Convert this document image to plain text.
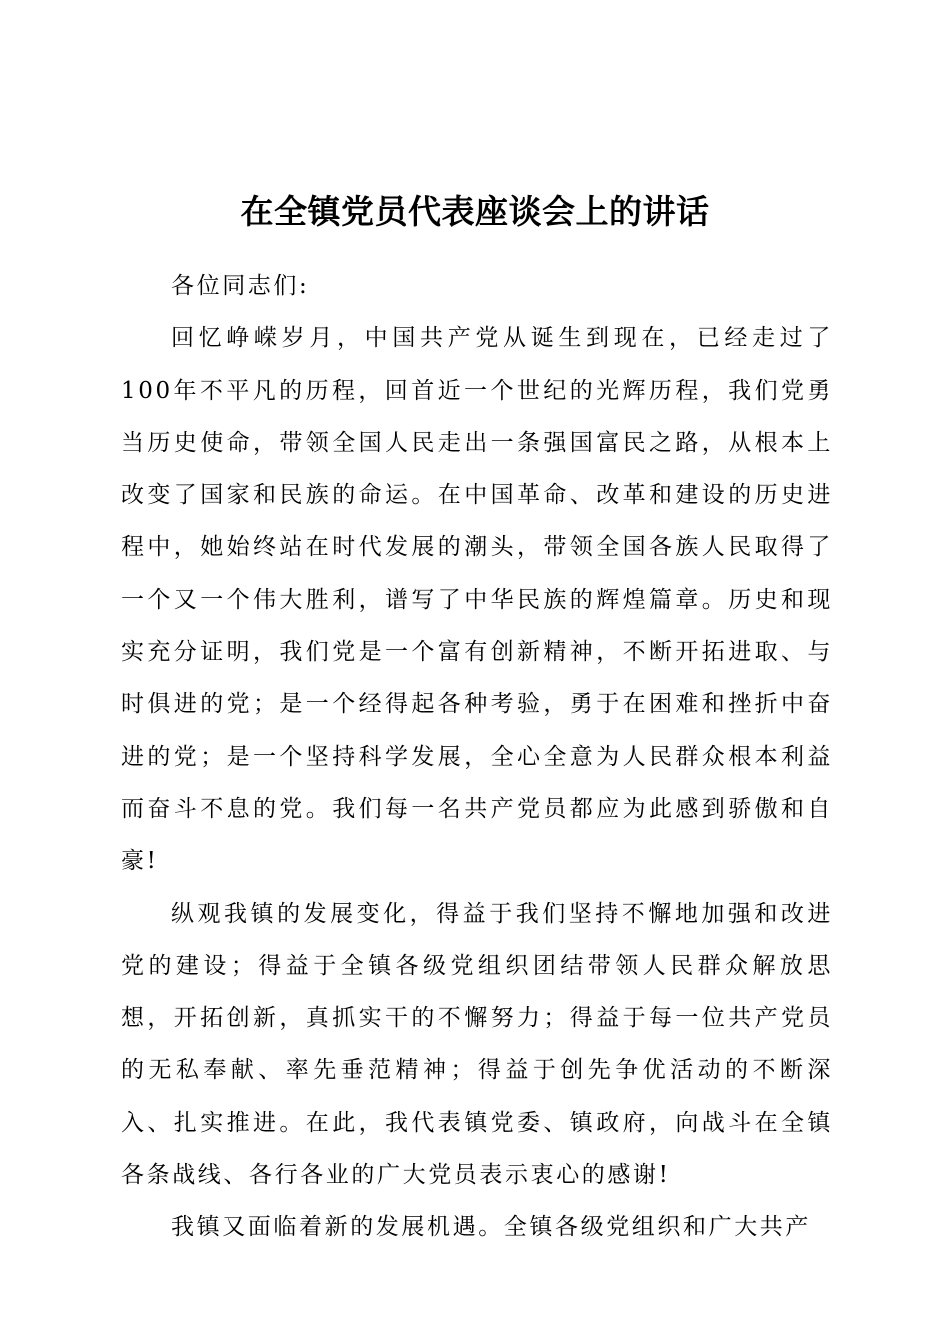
在全镇党员代表座谈会上的讲话

各位同志们:

回忆峥嵘岁月，中国共产党从诞生到现在，已经走过了100年不平凡的历程，回首近一个世纪的光辉历程，我们党勇当历史使命，带领全国人民走出一条强国富民之路，从根本上改变了国家和民族的命运。在中国革命、改革和建设的历史进程中，她始终站在时代发展的潮头，带领全国各族人民取得了一个又一个伟大胜利，谱写了中华民族的辉煌篇章。历史和现实充分证明，我们党是一个富有创新精神，不断开拓进取、与时俱进的党；是一个经得起各种考验，勇于在困难和挫折中奋进的党；是一个坚持科学发展，全心全意为人民群众根本利益而奋斗不息的党。我们每一名共产党员都应为此感到骄傲和自豪!

纵观我镇的发展变化，得益于我们坚持不懈地加强和改进党的建设；得益于全镇各级党组织团结带领人民群众解放思想，开拓创新，真抓实干的不懈努力；得益于每一位共产党员的无私奉献、率先垂范精神；得益于创先争优活动的不断深入、扎实推进。在此，我代表镇党委、镇政府，向战斗在全镇各条战线、各行各业的广大党员表示衷心的感谢!

我镇又面临着新的发展机遇。全镇各级党组织和广大共产
